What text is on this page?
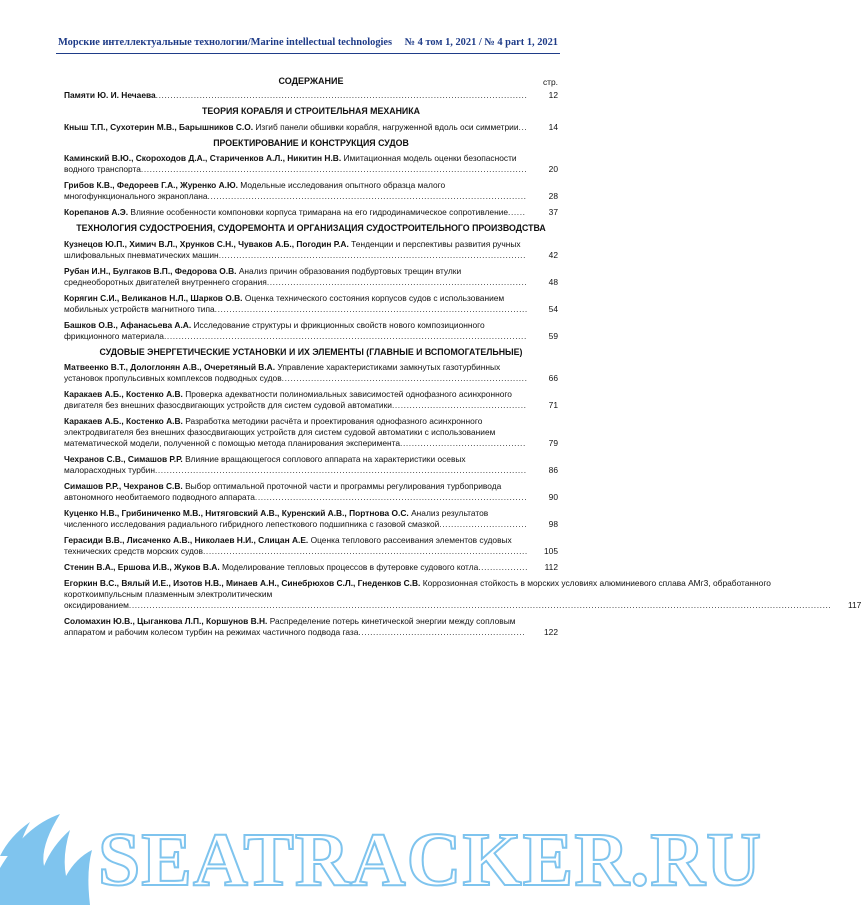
Морские интеллектуальные технологии/Marine intellectual technologies № 4 том 1, 2021 / № 4 part 1, 2021
СОДЕРЖАНИЕ	стр.
Памяти Ю. И. Нечаева...............................................................................................................................	12
ТЕОРИЯ КОРАБЛЯ И СТРОИТЕЛЬНАЯ МЕХАНИКА
Кныш Т.П., Сухотерин М.В., Барышников С.О. Изгиб панели обшивки корабля, нагруженной вдоль оси симметрии...	14
ПРОЕКТИРОВАНИЕ И КОНСТРУКЦИЯ СУДОВ
Каминский В.Ю., Скороходов Д.А., Стариченков А.Л., Никитин Н.В. Имитационная модель оценки безопасности водного транспорта....................................................................................................................................	20
Грибов К.В., Федореев Г.А., Журенко А.Ю. Модельные исследования опытного образца малого многофункционального экраноплана.............................................................................................................	28
Корепанов А.Э. Влияние особенности компоновки корпуса тримарана на его гидродинамическое сопротивление......	37
ТЕХНОЛОГИЯ СУДОСТРОЕНИЯ, СУДОРЕМОНТА И ОРГАНИЗАЦИЯ СУДОСТРОИТЕЛЬНОГО ПРОИЗВОДСТВА
Кузнецов Ю.П., Химич В.Л., Хрунков С.Н., Чуваков А.Б., Погодин Р.А. Тенденции и перспективы развития ручных шлифовальных пневматических машин.........................................................................................................	42
Рубан И.Н., Булгаков В.П., Федорова О.В. Анализ причин образования подбуртовых трещин втулки среднеоборотных двигателей внутреннего сгорания.........................................................................................	48
Корягин С.И., Великанов Н.Л., Шарков О.В. Оценка технического состояния корпусов судов с использованием мобильных устройств магнитного типа...........................................................................................................	54
Башков О.В., Афанасьева А.А. Исследование структуры и фрикционных свойств нового композиционного фрикционного материала............................................................................................................................	59
СУДОВЫЕ ЭНЕРГЕТИЧЕСКИЕ УСТАНОВКИ И ИХ ЭЛЕМЕНТЫ (ГЛАВНЫЕ И ВСПОМОГАТЕЛЬНЫЕ)
Матвеенко В.Т., Дологлонян А.В., Очеретяный В.А. Управление характеристиками замкнутых газотурбинных установок пропульсивных комплексов подводных судов....................................................................................	66
Каракаев А.Б., Костенко А.В. Проверка адекватности полиномиальных зависимостей однофазного асинхронного двигателя без внешних фазосдвигающих устройств для систем судовой автоматики..............................................	71
Каракаев А.Б., Костенко А.В. Разработка методики расчёта и проектирования однофазного асинхронного электродвигателя без внешних фазосдвигающих устройств для систем судовой автоматики с использованием математической модели, полученной с помощью метода планирования эксперимента...........................................	79
Чехранов С.В., Симашов Р.Р. Влияние вращающегося соплового аппарата на характеристики осевых малорасходных турбин...............................................................................................................................	86
Симашов Р.Р., Чехранов С.В. Выбор оптимальной проточной части и программы регулирования турбопривода автономного необитаемого подводного аппарата.............................................................................................	90
Куценко Н.В., Грибиниченко М.В., Нитяговский А.В., Куренский А.В., Портнова О.С. Анализ результатов численного исследования радиального гибридного лепесткового подшипника с газовой смазкой..............................	98
Герасиди В.В., Лисаченко А.В., Николаев Н.И., Слицан А.Е. Оценка теплового рассеивания элементов судовых технических средств морских судов...............................................................................................................	105
Стенин В.А., Ершова И.В., Жуков В.А. Моделирование тепловых процессов в футеровке судового котла.................	112
Егоркин В.С., Вялый И.Е., Изотов Н.В., Минаев А.Н., Синебрюхов С.Л., Гнеденков С.В. Коррозионная стойкость в морских условиях алюминиевого сплава АМг3, обработанного короткоимпульсным плазменным электролитическим оксидированием................................................................................................................................................................................................................................................	117
Соломахин Ю.В., Цыганкова Л.П., Коршунов В.Н. Распределение потерь кинетической энергии между сопловым аппаратом и рабочим колесом турбин на режимах частичного подвода газа.........................................................	122
SEATRACKER.RU
